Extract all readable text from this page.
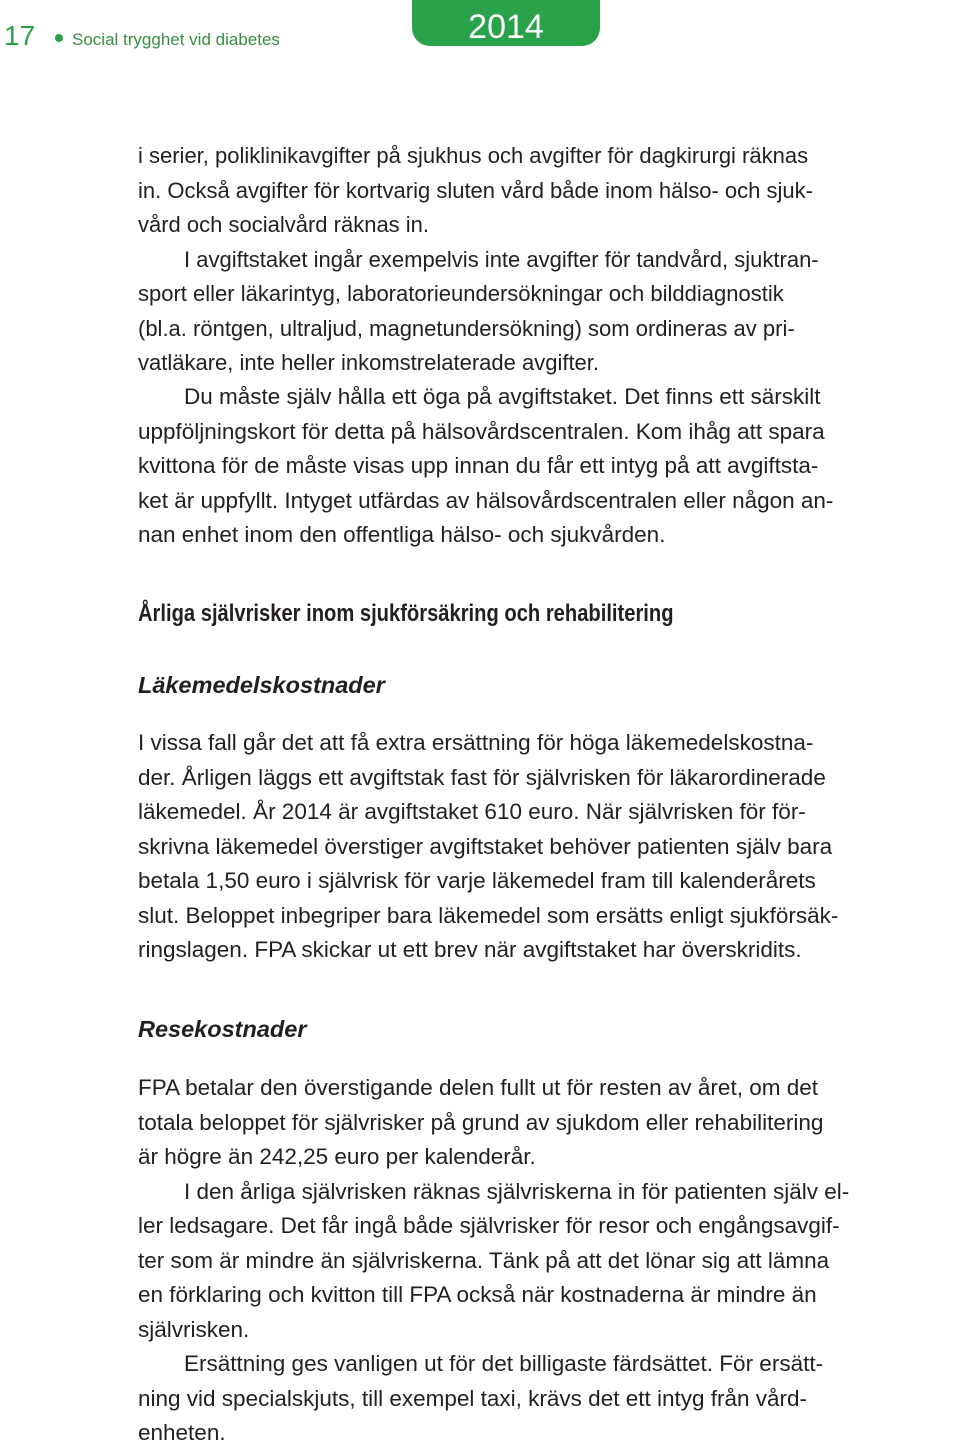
17 Social trygghet vid diabetes	2014

i serier, poliklinikavgifter på sjukhus och avgifter för dagkirurgi räknas

in. Också avgifter för kortvarig sluten vård både inom hälso- och sjuk-

vård och socialvård räknas in.

I avgiftstaket ingår exempelvis inte avgifter för tandvård, sjuktran-

sport eller läkarintyg, laboratorieundersökningar och bilddiagnostik

(bl.a. röntgen, ultraljud, magnetundersökning) som ordineras av pri-

vatläkare, inte heller inkomstrelaterade avgifter.

Du måste själv hålla ett öga på avgiftstaket. Det finns ett särskilt

uppföljningskort för detta på hälsovårdscentralen. Kom ihåg att spara

kvittona för de måste visas upp innan du får ett intyg på att avgiftsta-

ket är uppfyllt. Intyget utfärdas av hälsovårdscentralen eller någon an-

nan enhet inom den offentliga hälso- och sjukvården.

Årliga självrisker inom sjukförsäkring och rehabilitering
Läkemedelskostnader

I vissa fall går det att få extra ersättning för höga läkemedelskostna-

der. Årligen läggs ett avgiftstak fast för självrisken för läkarordinerade

läkemedel. År 2014 är avgiftstaket 610 euro. När självrisken för för-

skrivna läkemedel överstiger avgiftstaket behöver patienten själv bara

betala 1,50 euro i självrisk för varje läkemedel fram till kalenderårets

slut. Beloppet inbegriper bara läkemedel som ersätts enligt sjukförsäk-

ringslagen. FPA skickar ut ett brev när avgiftstaket har överskridits.

Resekostnader

FPA betalar den överstigande delen fullt ut för resten av året, om det

totala beloppet för självrisker på grund av sjukdom eller rehabilitering

är högre än 242,25 euro per kalenderår.

I den årliga självrisken räknas självriskerna in för patienten själv el-

ler ledsagare. Det får ingå både självrisker för resor och engångsavgif-

ter som är mindre än självriskerna. Tänk på att det lönar sig att lämna

en förklaring och kvitton till FPA också när kostnaderna är mindre än

självrisken.

Ersättning ges vanligen ut för det billigaste färdsättet. För ersätt-

ning vid specialskjuts, till exempel taxi, krävs det ett intyg från vård-

enheten.
